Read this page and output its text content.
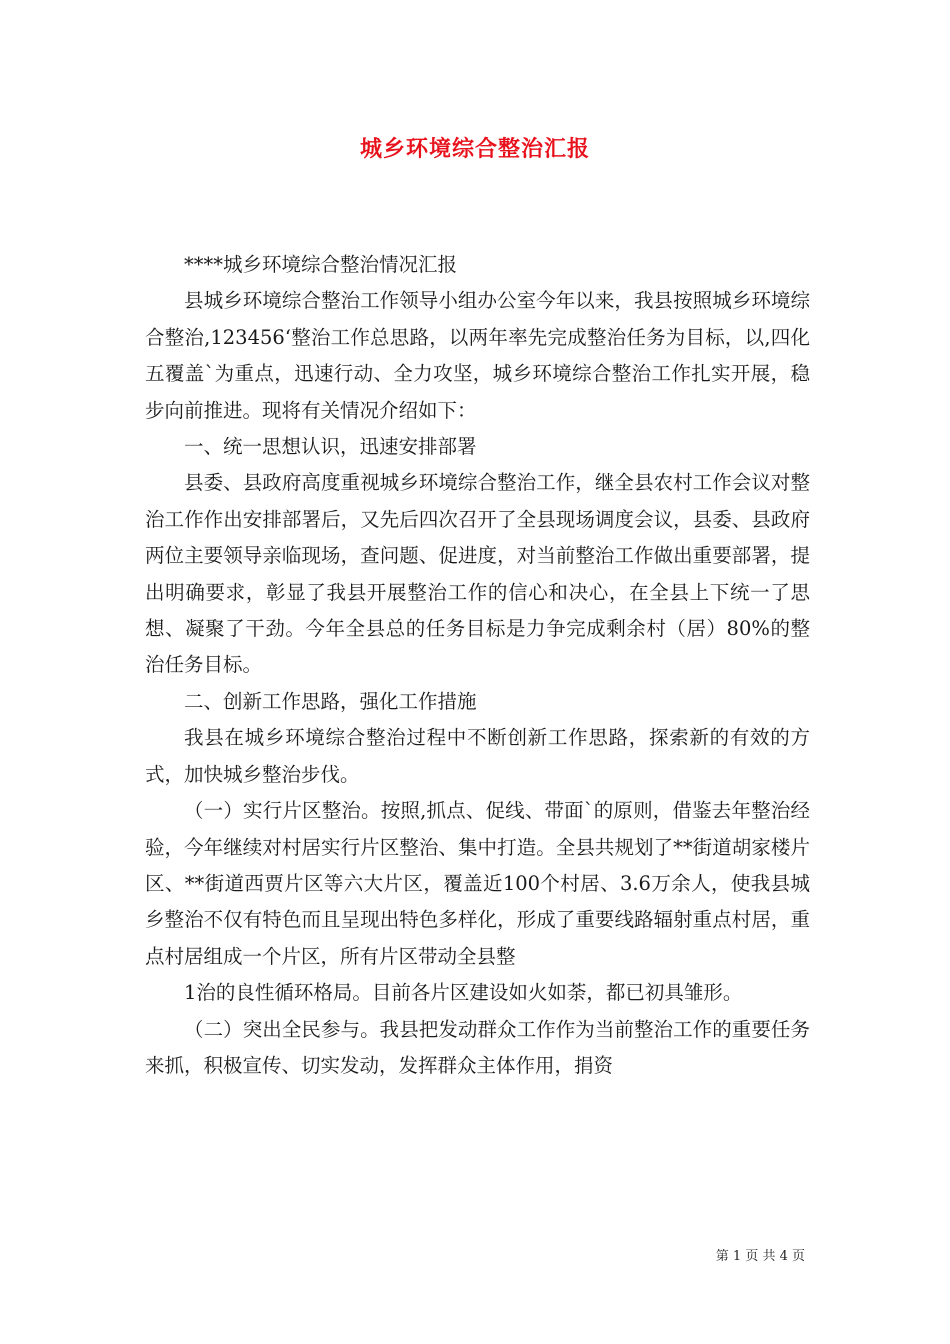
城乡环境综合整治汇报

****城乡环境综合整治情况汇报

县城乡环境综合整治工作领导小组办公室今年以来，我县按照城乡环境综合整治,123456‘整治工作总思路，以两年率先完成整治任务为目标，以,四化五覆盖`为重点，迅速行动、全力攻坚，城乡环境综合整治工作扎实开展，稳步向前推进。现将有关情况介绍如下：

一、统一思想认识，迅速安排部署

县委、县政府高度重视城乡环境综合整治工作，继全县农村工作会议对整治工作作出安排部署后，又先后四次召开了全县现场调度会议，县委、县政府两位主要领导亲临现场，查问题、促进度，对当前整治工作做出重要部署，提出明确要求，彰显了我县开展整治工作的信心和决心，在全县上下统一了思想、凝聚了干劲。今年全县总的任务目标是力争完成剩余村（居）80%的整治任务目标。

二、创新工作思路，强化工作措施

我县在城乡环境综合整治过程中不断创新工作思路，探索新的有效的方式，加快城乡整治步伐。

（一）实行片区整治。按照,抓点、促线、带面`的原则，借鉴去年整治经验，今年继续对村居实行片区整治、集中打造。全县共规划了**街道胡家楼片区、**街道西贾片区等六大片区，覆盖近100个村居、3.6万余人，使我县城乡整治不仅有特色而且呈现出特色多样化，形成了重要线路辐射重点村居，重点村居组成一个片区，所有片区带动全县整

1治的良性循环格局。目前各片区建设如火如荼，都已初具雏形。

（二）突出全民参与。我县把发动群众工作作为当前整治工作的重要任务来抓，积极宣传、切实发动，发挥群众主体作用，捐资

第 1 页 共 4 页
